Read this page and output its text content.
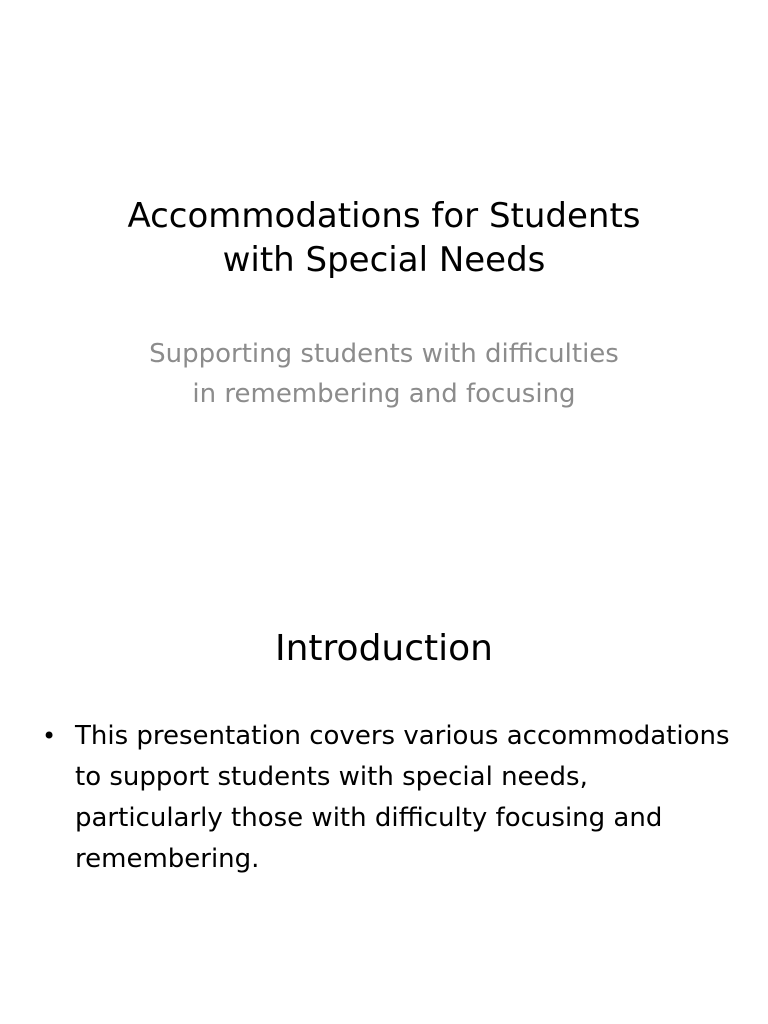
Accommodations for Students
with Special Needs

Supporting students with difficulties
in remembering and focusing

Introduction
• This presentation covers various accommodations to support students with special needs, particularly those with difficulty focusing and remembering.
